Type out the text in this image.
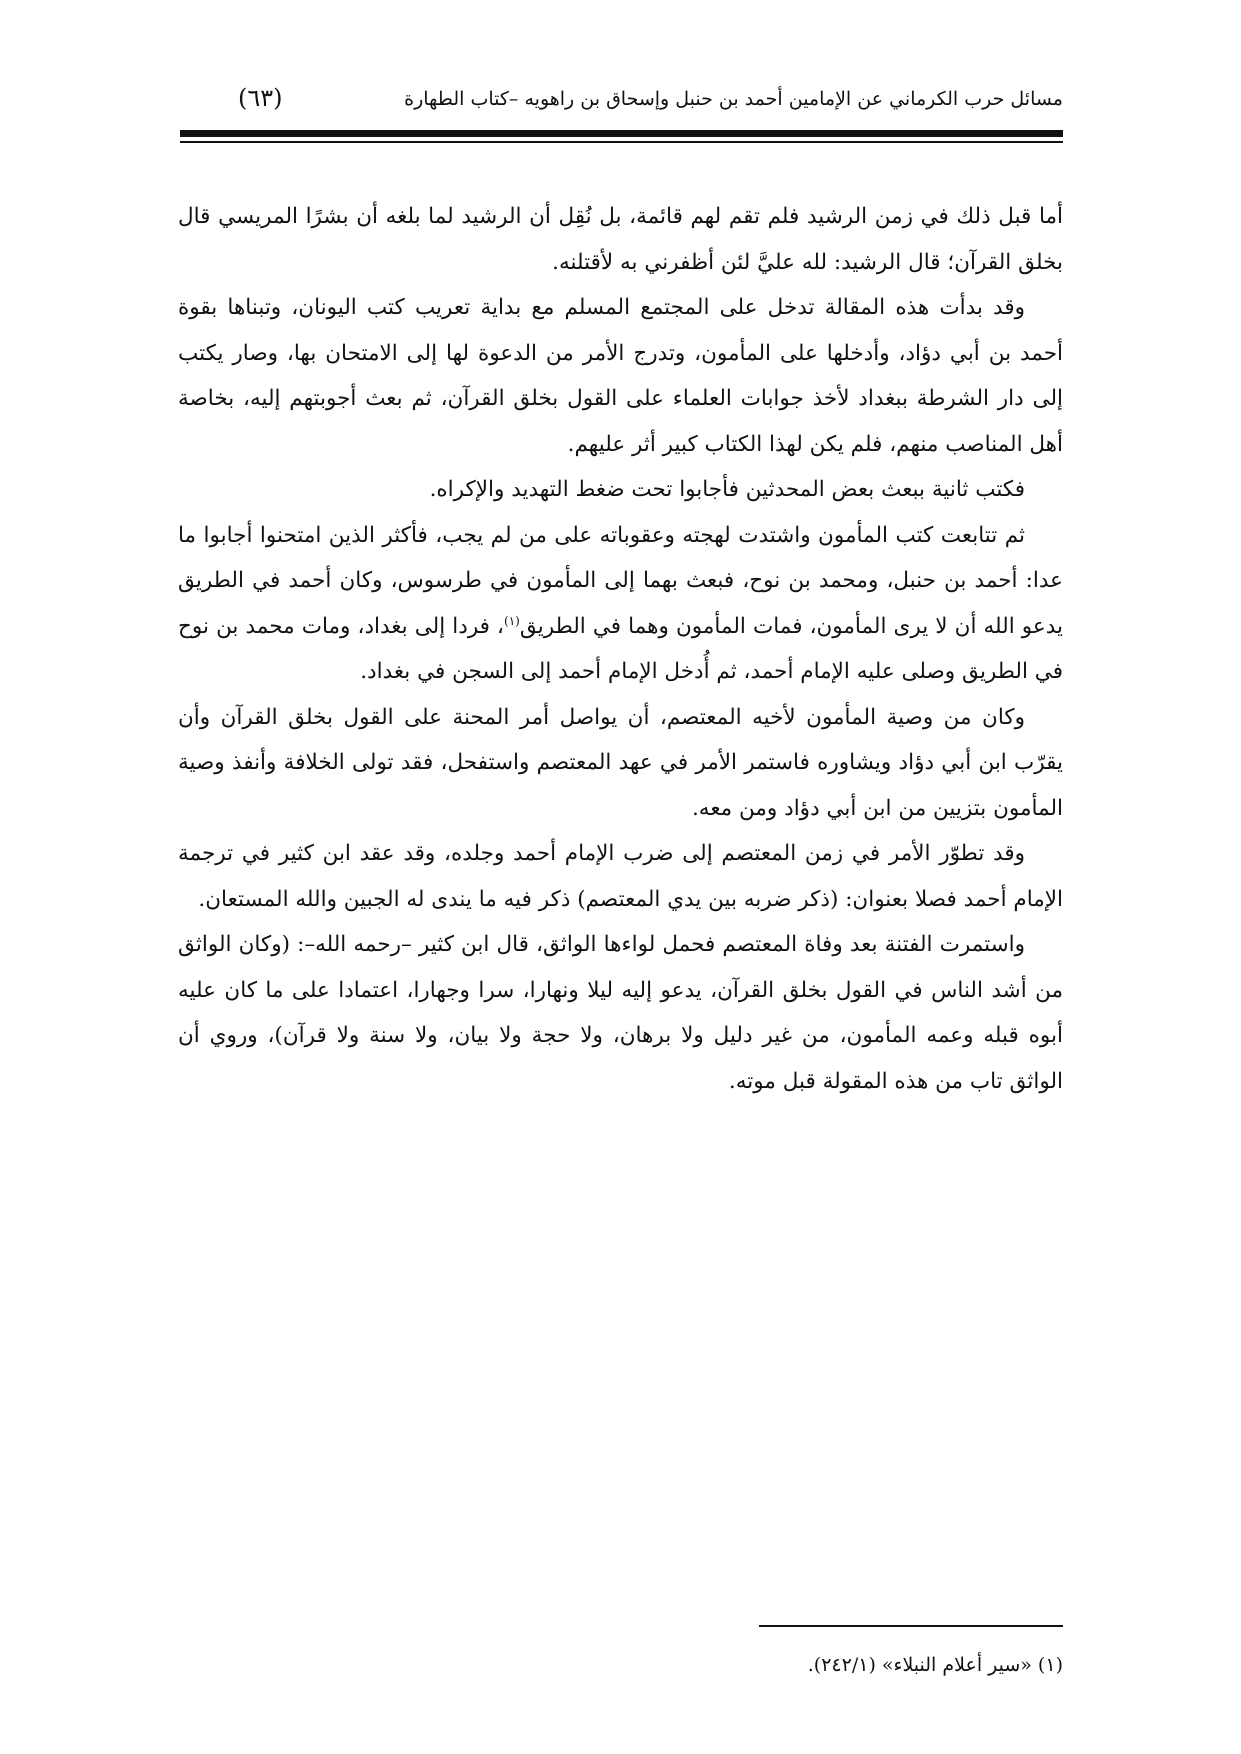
مسائل حرب الكرماني عن الإمامين أحمد بن حنبل وإسحاق بن راهويه –كتاب الطهارة
(٦٣)

أما قبل ذلك في زمن الرشيد فلم تقم لهم قائمة، بل نُقِل أن الرشيد لما بلغه أن بشرًا المريسي قال بخلق القرآن؛ قال الرشيد: لله عليَّ لئن أظفرني به لأقتلنه.

وقد بدأت هذه المقالة تدخل على المجتمع المسلم مع بداية تعريب كتب اليونان، وتبناها بقوة أحمد بن أبي دؤاد، وأدخلها على المأمون، وتدرج الأمر من الدعوة لها إلى الامتحان بها، وصار يكتب إلى دار الشرطة ببغداد لأخذ جوابات العلماء على القول بخلق القرآن، ثم بعث أجوبتهم إليه، بخاصة أهل المناصب منهم، فلم يكن لهذا الكتاب كبير أثر عليهم.

فكتب ثانية ببعث بعض المحدثين فأجابوا تحت ضغط التهديد والإكراه.

ثم تتابعت كتب المأمون واشتدت لهجته وعقوباته على من لم يجب، فأكثر الذين امتحنوا أجابوا ما عدا: أحمد بن حنبل، ومحمد بن نوح، فبعث بهما إلى المأمون في طرسوس، وكان أحمد في الطريق يدعو الله أن لا يرى المأمون، فمات المأمون وهما في الطريق$^{(١)}$، فردا إلى بغداد، ومات محمد بن نوح في الطريق وصلى عليه الإمام أحمد، ثم أُدخل الإمام أحمد إلى السجن في بغداد.

وكان من وصية المأمون لأخيه المعتصم، أن يواصل أمر المحنة على القول بخلق القرآن وأن يقرّب ابن أبي دؤاد ويشاوره فاستمر الأمر في عهد المعتصم واستفحل، فقد تولى الخلافة وأنفذ وصية المأمون بتزيين من ابن أبي دؤاد ومن معه.

وقد تطوّر الأمر في زمن المعتصم إلى ضرب الإمام أحمد وجلده، وقد عقد ابن كثير في ترجمة الإمام أحمد فصلا بعنوان: (ذكر ضربه بين يدي المعتصم) ذكر فيه ما يندى له الجبين والله المستعان.

واستمرت الفتنة بعد وفاة المعتصم فحمل لواءها الواثق، قال ابن كثير –رحمه الله–: (وكان الواثق من أشد الناس في القول بخلق القرآن، يدعو إليه ليلا ونهارا، سرا وجهارا، اعتمادا على ما كان عليه أبوه قبله وعمه المأمون، من غير دليل ولا برهان، ولا حجة ولا بيان، ولا سنة ولا قرآن)، وروي أن الواثق تاب من هذه المقولة قبل موته.

(١) «سير أعلام النبلاء» (٢٤٢/١).
